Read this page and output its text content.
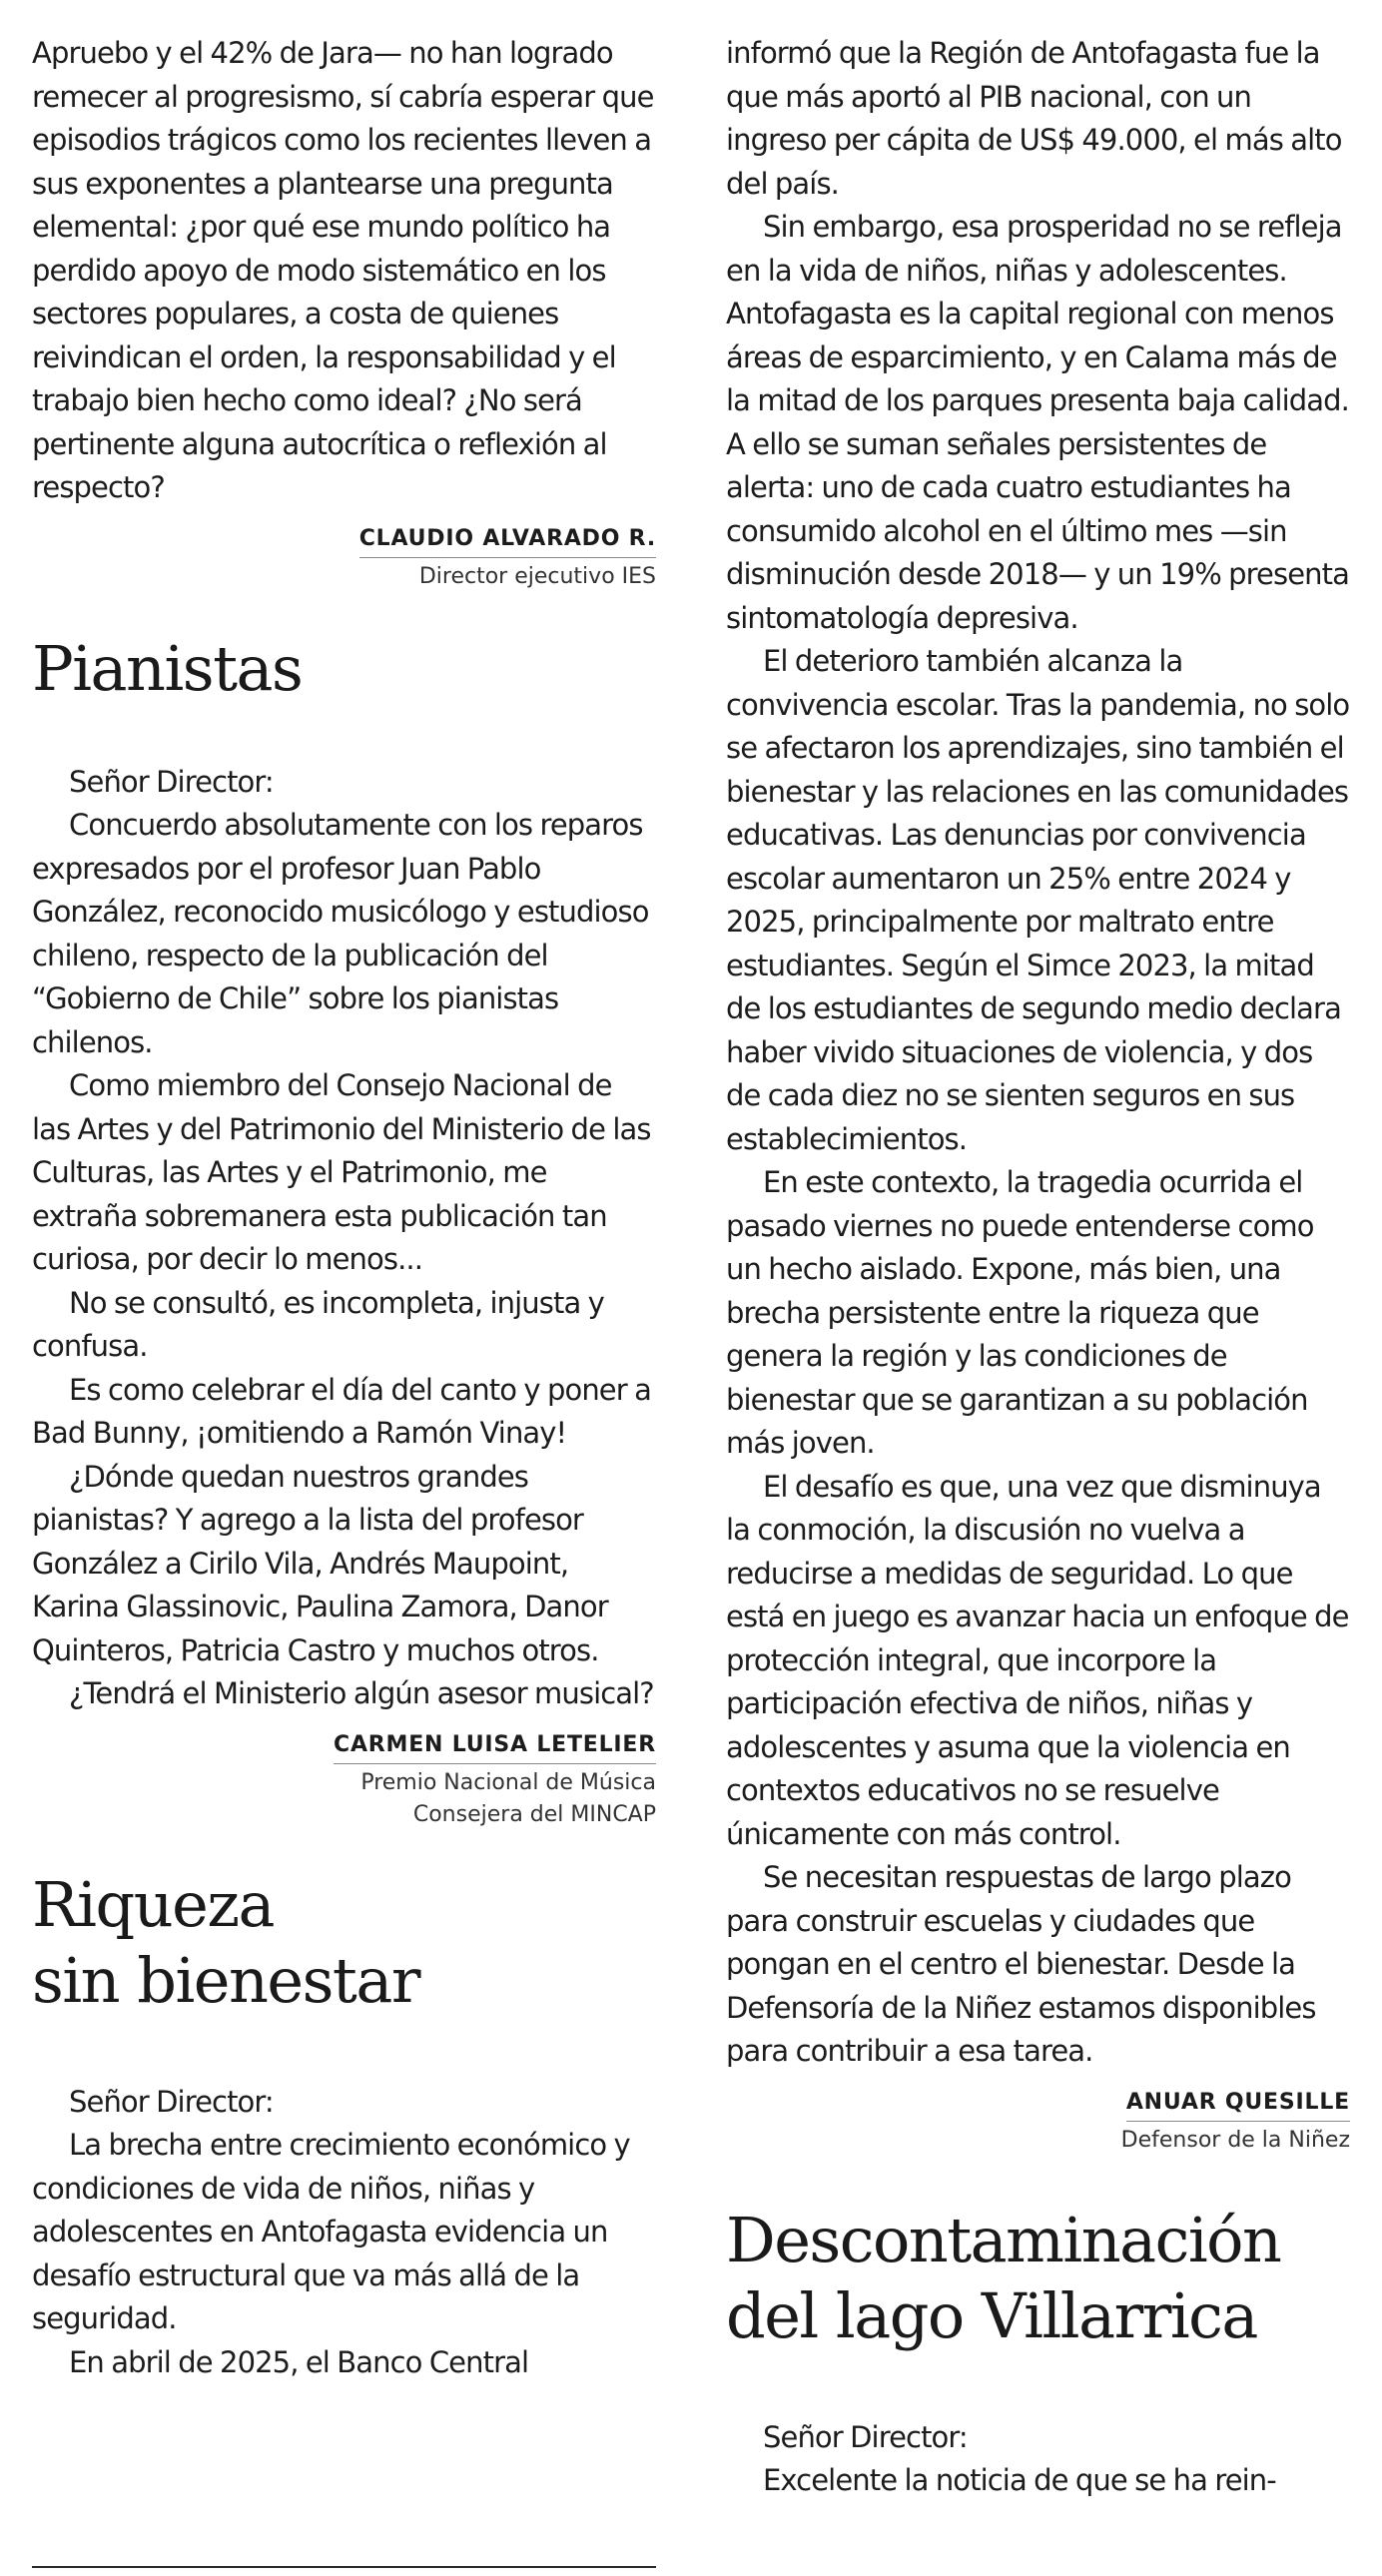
Apruebo y el 42% de Jara— no han logrado remecer al progresismo, sí cabría esperar que episodios trágicos como los recientes lleven a sus exponentes a plantearse una pregunta elemental: ¿por qué ese mundo político ha perdido apoyo de modo sistemático en los sectores populares, a costa de quienes reivindican el orden, la responsabilidad y el trabajo bien hecho como ideal? ¿No será pertinente alguna autocrítica o reflexión al respecto?

CLAUDIO ALVARADO R.
Director ejecutivo IES
Pianistas

Señor Director:

Concuerdo absolutamente con los reparos expresados por el profesor Juan Pablo González, reconocido musicólogo y estudioso chileno, respecto de la publicación del “Gobierno de Chile” sobre los pianistas chilenos.

Como miembro del Consejo Nacional de las Artes y del Patrimonio del Ministerio de las Culturas, las Artes y el Patrimonio, me extraña sobremanera esta publicación tan curiosa, por decir lo menos...

No se consultó, es incompleta, injusta y confusa.

Es como celebrar el día del canto y poner a Bad Bunny, ¡omitiendo a Ramón Vinay!

¿Dónde quedan nuestros grandes pianistas? Y agrego a la lista del profesor González a Cirilo Vila, Andrés Maupoint, Karina Glassinovic, Paulina Zamora, Danor Quinteros, Patricia Castro y muchos otros.

¿Tendrá el Ministerio algún asesor musical?

CARMEN LUISA LETELIER
Premio Nacional de Música
Consejera del MINCAP
Riqueza
sin bienestar

Señor Director:

La brecha entre crecimiento económico y condiciones de vida de niños, niñas y adolescentes en Antofagasta evidencia un desafío estructural que va más allá de la seguridad.

En abril de 2025, el Banco Central

informó que la Región de Antofagasta fue la que más aportó al PIB nacional, con un ingreso per cápita de US$ 49.000, el más alto del país.

Sin embargo, esa prosperidad no se refleja en la vida de niños, niñas y adolescentes. Antofagasta es la capital regional con menos áreas de esparcimiento, y en Calama más de la mitad de los parques presenta baja calidad. A ello se suman señales persistentes de alerta: uno de cada cuatro estudiantes ha consumido alcohol en el último mes —sin disminución desde 2018— y un 19% presenta sintomatología depresiva.

El deterioro también alcanza la convivencia escolar. Tras la pandemia, no solo se afectaron los aprendizajes, sino también el bienestar y las relaciones en las comunidades educativas. Las denuncias por convivencia escolar aumentaron un 25% entre 2024 y 2025, principalmente por maltrato entre estudiantes. Según el Simce 2023, la mitad de los estudiantes de segundo medio declara haber vivido situaciones de violencia, y dos de cada diez no se sienten seguros en sus establecimientos.

En este contexto, la tragedia ocurrida el pasado viernes no puede entenderse como un hecho aislado. Expone, más bien, una brecha persistente entre la riqueza que genera la región y las condiciones de bienestar que se garantizan a su población más joven.

El desafío es que, una vez que disminuya la conmoción, la discusión no vuelva a reducirse a medidas de seguridad. Lo que está en juego es avanzar hacia un enfoque de protección integral, que incorpore la participación efectiva de niños, niñas y adolescentes y asuma que la violencia en contextos educativos no se resuelve únicamente con más control.

Se necesitan respuestas de largo plazo para construir escuelas y ciudades que pongan en el centro el bienestar. Desde la Defensoría de la Niñez estamos disponibles para contribuir a esa tarea.

ANUAR QUESILLE
Defensor de la Niñez
Descontaminación
del lago Villarrica

Señor Director:

Excelente la noticia de que se ha rein-
